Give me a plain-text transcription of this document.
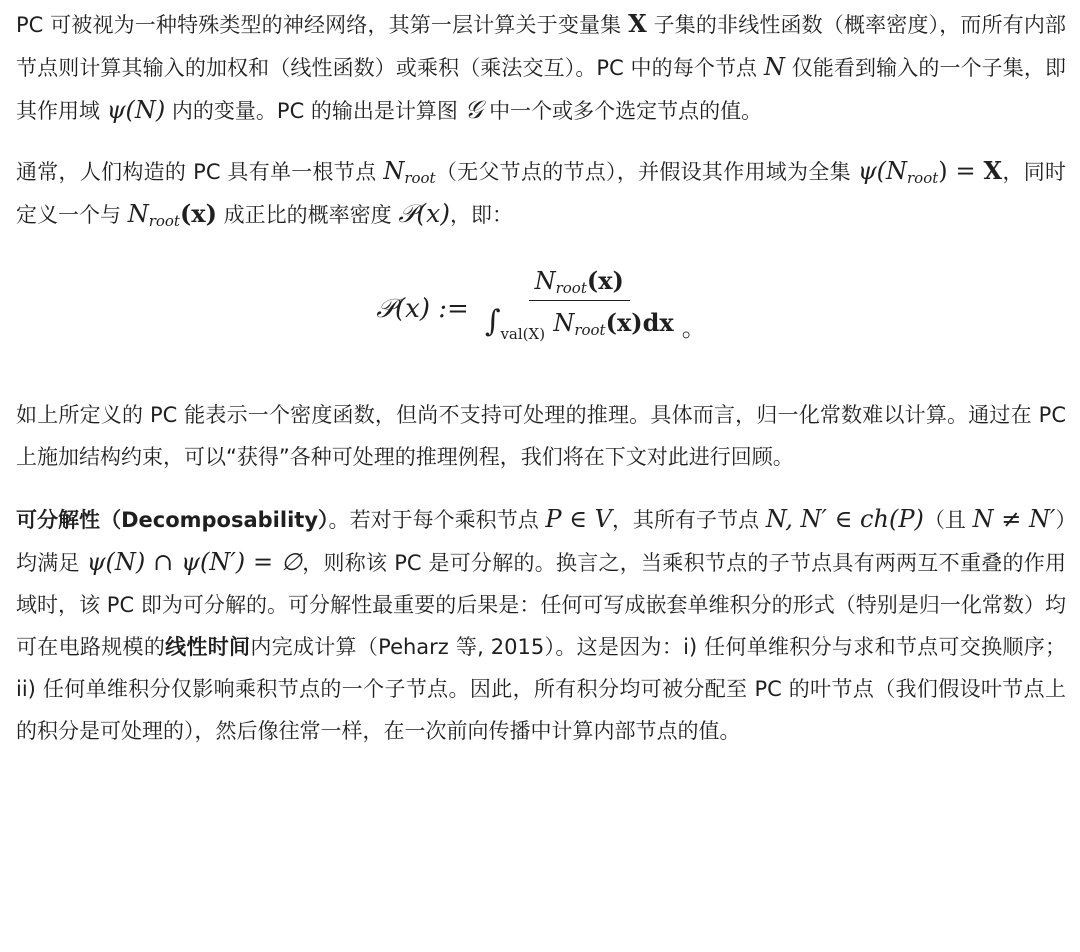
PC 可被视为一种特殊类型的神经网络，其第一层计算关于变量集 X 子集的非线性函数（概率密度），而所有内部节点则计算其输入的加权和（线性函数）或乘积（乘法交互）。PC 中的每个节点 N 仅能看到输入的一个子集，即其作用域 ψ(N) 内的变量。PC 的输出是计算图 𝒢 中一个或多个选定节点的值。

通常，人们构造的 PC 具有单一根节点 $N_{root}$（无父节点的节点），并假设其作用域为全集 $\psi(N_{root}) = X$，同时定义一个与 $N_{root}(x)$ 成正比的概率密度 𝒫(x)，即：

𝒫(x) := $\frac{N_{root}(x)}{\int_{val(X)} N_{root}(x)dx}$ 。

如上所定义的 PC 能表示一个密度函数，但尚不支持可处理的推理。具体而言，归一化常数难以计算。通过在 PC 上施加结构约束，可以“获得”各种可处理的推理例程，我们将在下文对此进行回顾。

可分解性（Decomposability）。若对于每个乘积节点 P ∈ V，其所有子节点 N, N′ ∈ ch(P)（且 N ≠ N′）均满足 ψ(N) ∩ ψ(N′) = ∅，则称该 PC 是可分解的。换言之，当乘积节点的子节点具有两两互不重叠的作用域时，该 PC 即为可分解的。可分解性最重要的后果是：任何可写成嵌套单维积分的形式（特别是归一化常数）均可在电路规模的线性时间内完成计算（Peharz 等, 2015）。这是因为：i) 任何单维积分与求和节点可交换顺序；ii) 任何单维积分仅影响乘积节点的一个子节点。因此，所有积分均可被分配至 PC 的叶节点（我们假设叶节点上的积分是可处理的），然后像往常一样，在一次前向传播中计算内部节点的值。
